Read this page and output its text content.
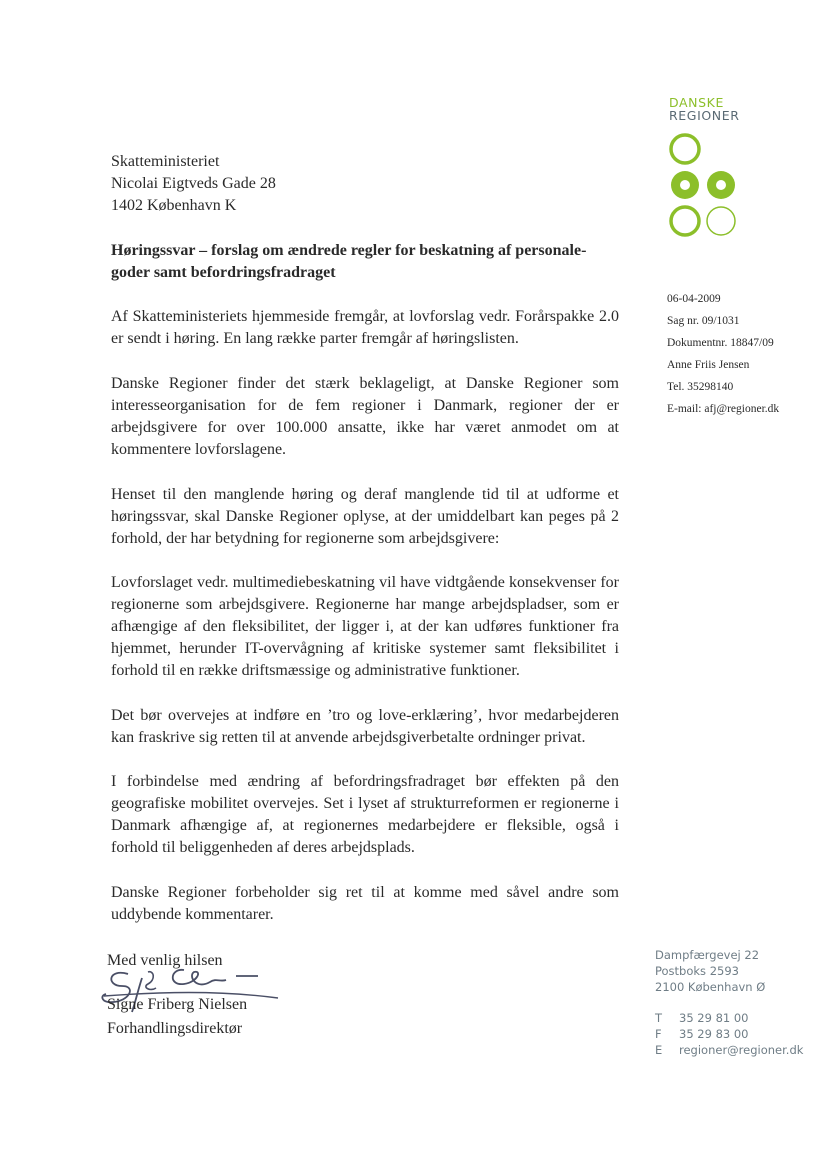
DANSKE
REGIONER
Skatteministeriet
Nicolai Eigtveds Gade 28
1402 København K
Høringssvar – forslag om ændrede regler for beskatning af personale-goder samt befordringsfradraget

Af Skatteministeriets hjemmeside fremgår, at lovforslag vedr. Forårspakke 2.0 er sendt i høring. En lang række parter fremgår af høringslisten.

Danske Regioner finder det stærk beklageligt, at Danske Regioner som interesseorganisation for de fem regioner i Danmark, regioner der er arbejdsgivere for over 100.000 ansatte, ikke har været anmodet om at kommentere lovforslagene.

Henset til den manglende høring og deraf manglende tid til at udforme et høringssvar, skal Danske Regioner oplyse, at der umiddelbart kan peges på 2 forhold, der har betydning for regionerne som arbejdsgivere:

Lovforslaget vedr. multimediebeskatning vil have vidtgående konsekvenser for regionerne som arbejdsgivere. Regionerne har mange arbejdspladser, som er afhængige af den fleksibilitet, der ligger i, at der kan udføres funktioner fra hjemmet, herunder IT-overvågning af kritiske systemer samt fleksibilitet i forhold til en række driftsmæssige og administrative funktioner.

Det bør overvejes at indføre en ’tro og love-erklæring’, hvor medarbejderen kan fraskrive sig retten til at anvende arbejdsgiverbetalte ordninger privat.

I forbindelse med ændring af befordringsfradraget bør effekten på den geografiske mobilitet overvejes. Set i lyset af strukturreformen er regionerne i Danmark afhængige af, at regionernes medarbejdere er fleksible, også i forhold til beliggenheden af deres arbejdsplads.

Danske Regioner forbeholder sig ret til at komme med såvel andre som uddybende kommentarer.

Med venlig hilsen
Signe Friberg Nielsen
Forhandlingsdirektør
06-04-2009
Sag nr. 09/1031
Dokumentnr. 18847/09
Anne Friis Jensen
Tel. 35298140
E-mail: afj@regioner.dk
Dampfærgevej 22
Postboks 2593
2100 København Ø
T 35 29 81 00
F 35 29 83 00
E regioner@regioner.dk
